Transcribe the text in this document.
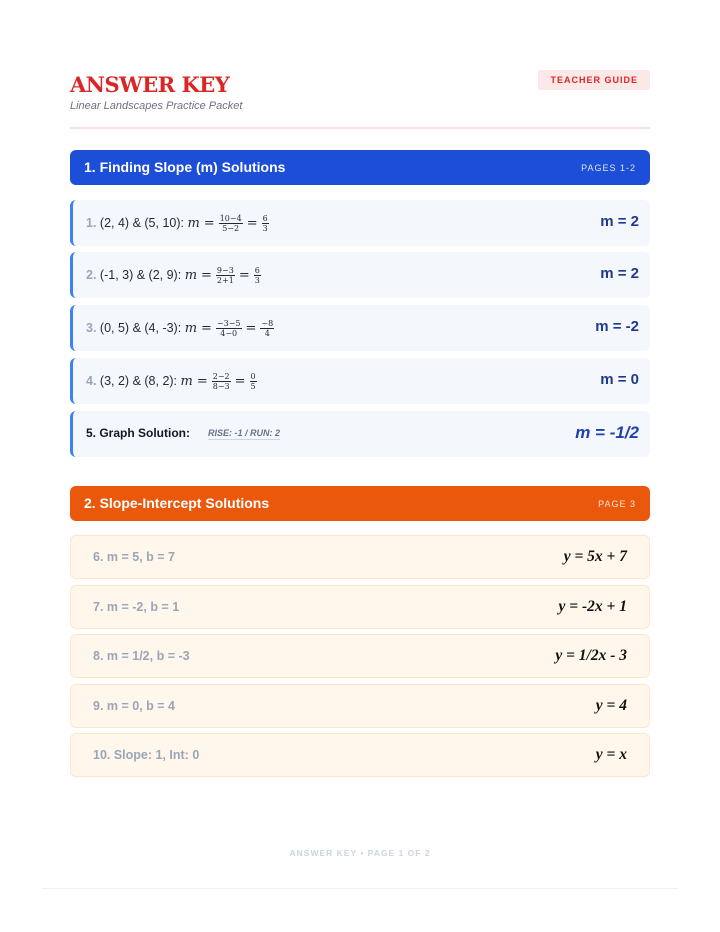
ANSWER KEY
Linear Landscapes Practice Packet
TEACHER GUIDE
1. Finding Slope (m) Solutions	PAGES 1-2
1. (2, 4) & (5, 10): $m = \frac{10-4}{5-2} = \frac{6}{3}$	m = 2
2. (-1, 3) & (2, 9): $m = \frac{9-3}{2+1} = \frac{6}{3}$	m = 2
3. (0, 5) & (4, -3): $m = \frac{-3-5}{4-0} = \frac{-8}{4}$	m = -2
4. (3, 2) & (8, 2): $m = \frac{2-2}{8-3} = \frac{0}{5}$	m = 0
5. Graph Solution: RISE: -1 / RUN: 2	m = -1/2
2. Slope-Intercept Solutions	PAGE 3
6. m = 5, b = 7	y = 5x + 7
7. m = -2, b = 1	y = -2x + 1
8. m = 1/2, b = -3	y = 1/2x - 3
9. m = 0, b = 4	y = 4
10. Slope: 1, Int: 0	y = x
ANSWER KEY • PAGE 1 OF 2
